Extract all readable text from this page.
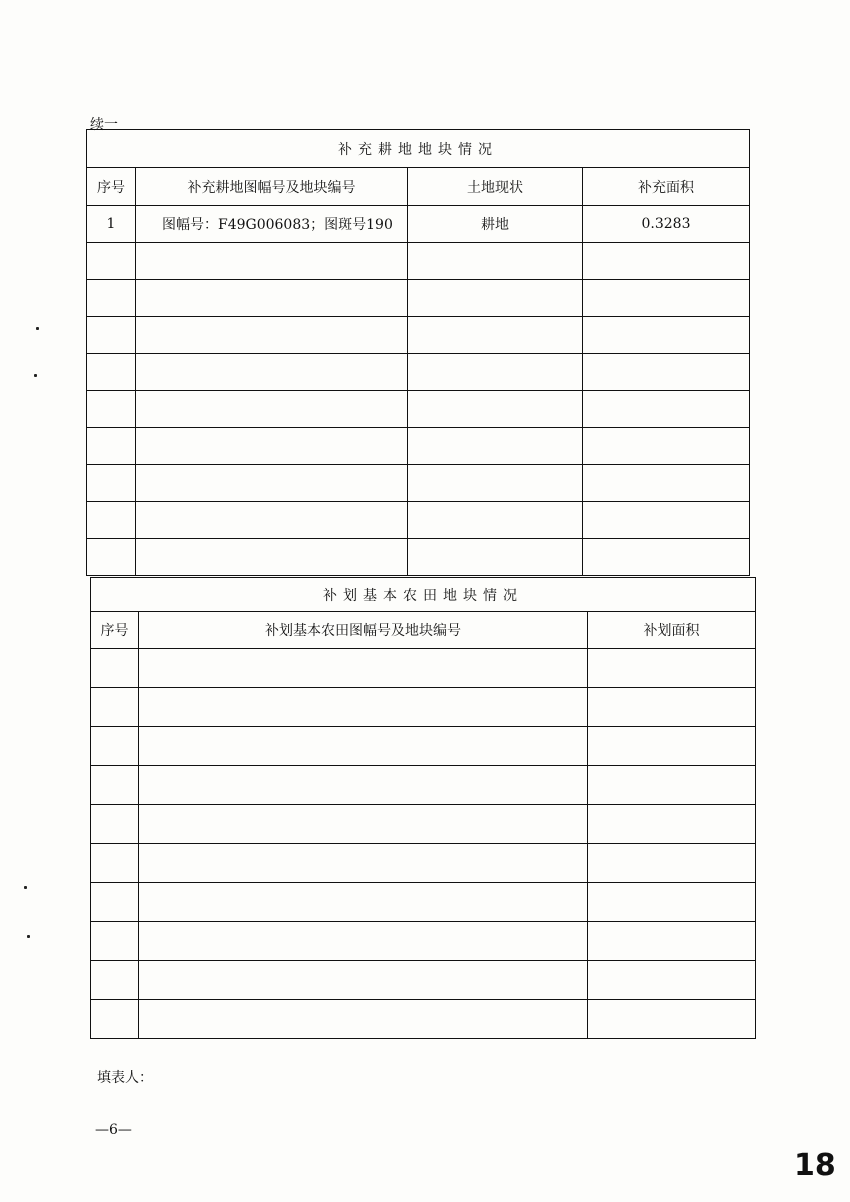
续一
补充耕地地块情况			
序号	补充耕地图幅号及地块编号	土地现状	补充面积
1	图幅号：F49G006083；图斑号190	耕地	0.3283

补划基本农田地块情况		
序号	补划基本农田图幅号及地块编号	补划面积

填表人：
—6—
18
